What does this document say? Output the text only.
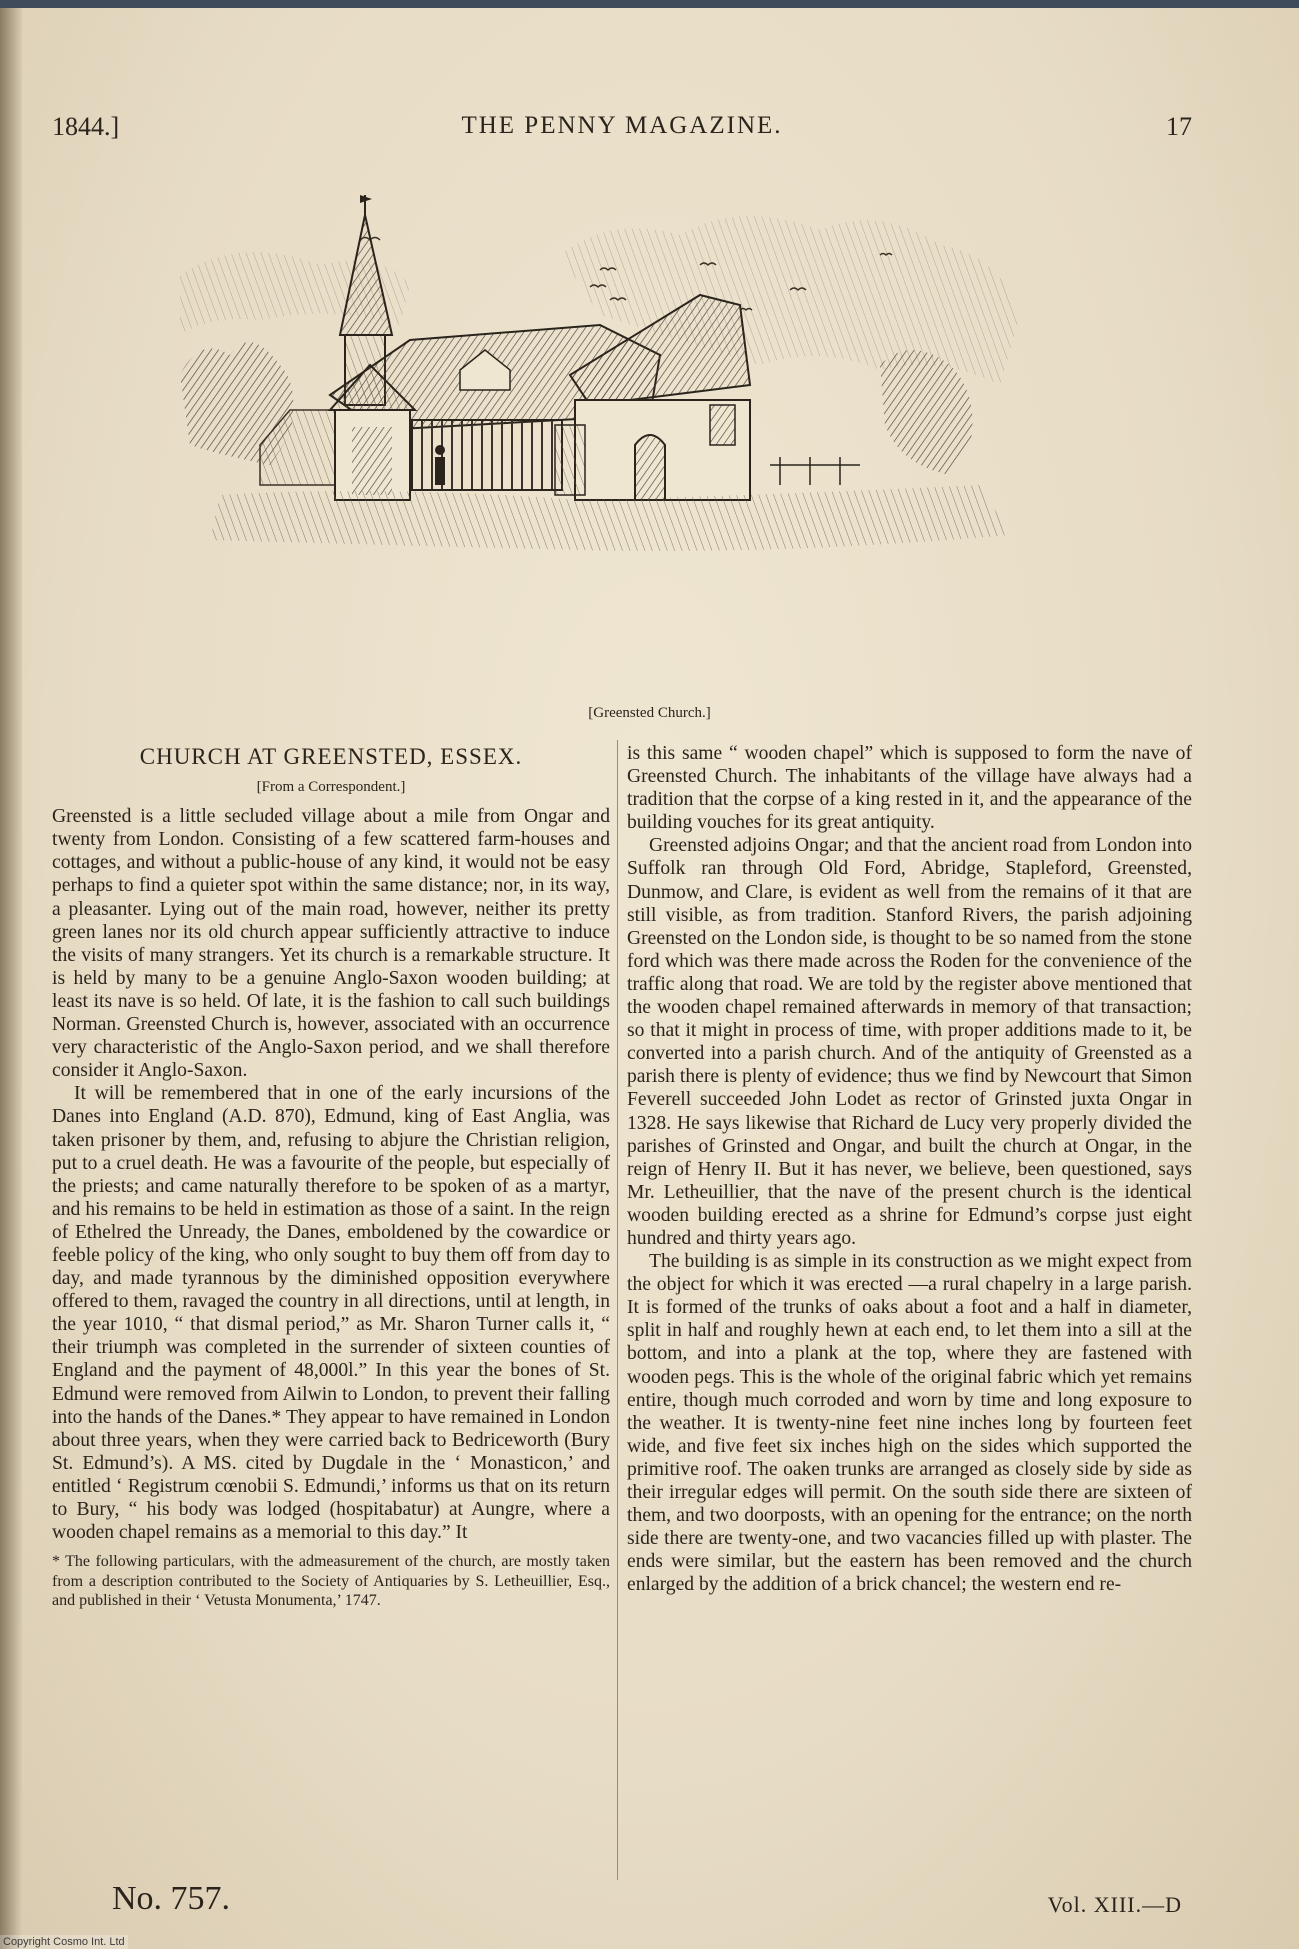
1844.]	THE PENNY MAGAZINE.	17
[Greensted Church.]
CHURCH AT GREENSTED, ESSEX.
[From a Correspondent.]

Greensted is a little secluded village about a mile from Ongar and twenty from London. Consisting of a few scattered farm-houses and cottages, and without a public-house of any kind, it would not be easy perhaps to find a quieter spot within the same distance; nor, in its way, a pleasanter. Lying out of the main road, however, neither its pretty green lanes nor its old church appear sufficiently attractive to induce the visits of many strangers. Yet its church is a remarkable structure. It is held by many to be a genuine Anglo-Saxon wooden building; at least its nave is so held. Of late, it is the fashion to call such buildings Norman. Greensted Church is, however, associated with an occurrence very characteristic of the Anglo-Saxon period, and we shall therefore consider it Anglo-Saxon.

It will be remembered that in one of the early incursions of the Danes into England (A.D. 870), Edmund, king of East Anglia, was taken prisoner by them, and, refusing to abjure the Christian religion, put to a cruel death. He was a favourite of the people, but especially of the priests; and came naturally therefore to be spoken of as a martyr, and his remains to be held in estimation as those of a saint. In the reign of Ethelred the Unready, the Danes, emboldened by the cowardice or feeble policy of the king, who only sought to buy them off from day to day, and made tyrannous by the diminished opposition everywhere offered to them, ravaged the country in all directions, until at length, in the year 1010, “ that dismal period,” as Mr. Sharon Turner calls it, “ their triumph was completed in the surrender of sixteen counties of England and the payment of 48,000l.” In this year the bones of St. Edmund were removed from Ailwin to London, to prevent their falling into the hands of the Danes.* They appear to have remained in London about three years, when they were carried back to Bedriceworth (Bury St. Edmund’s). A MS. cited by Dugdale in the ‘ Monasticon,’ and entitled ‘ Registrum cœnobii S. Edmundi,’ informs us that on its return to Bury, “ his body was lodged (hospitabatur) at Aungre, where a wooden chapel remains as a memorial to this day.” It

* The following particulars, with the admeasurement of the church, are mostly taken from a description contributed to the Society of Antiquaries by S. Letheuillier, Esq., and published in their ‘ Vetusta Monumenta,’ 1747.

is this same “ wooden chapel” which is supposed to form the nave of Greensted Church. The inhabitants of the village have always had a tradition that the corpse of a king rested in it, and the appearance of the building vouches for its great antiquity.

Greensted adjoins Ongar; and that the ancient road from London into Suffolk ran through Old Ford, Abridge, Stapleford, Greensted, Dunmow, and Clare, is evident as well from the remains of it that are still visible, as from tradition. Stanford Rivers, the parish adjoining Greensted on the London side, is thought to be so named from the stone ford which was there made across the Roden for the convenience of the traffic along that road. We are told by the register above mentioned that the wooden chapel remained afterwards in memory of that transaction; so that it might in process of time, with proper additions made to it, be converted into a parish church. And of the antiquity of Greensted as a parish there is plenty of evidence; thus we find by Newcourt that Simon Feverell succeeded John Lodet as rector of Grinsted juxta Ongar in 1328. He says likewise that Richard de Lucy very properly divided the parishes of Grinsted and Ongar, and built the church at Ongar, in the reign of Henry II. But it has never, we believe, been questioned, says Mr. Letheuillier, that the nave of the present church is the identical wooden building erected as a shrine for Edmund’s corpse just eight hundred and thirty years ago.

The building is as simple in its construction as we might expect from the object for which it was erected —a rural chapelry in a large parish. It is formed of the trunks of oaks about a foot and a half in diameter, split in half and roughly hewn at each end, to let them into a sill at the bottom, and into a plank at the top, where they are fastened with wooden pegs. This is the whole of the original fabric which yet remains entire, though much corroded and worn by time and long exposure to the weather. It is twenty-nine feet nine inches long by fourteen feet wide, and five feet six inches high on the sides which supported the primitive roof. The oaken trunks are arranged as closely side by side as their irregular edges will permit. On the south side there are sixteen of them, and two doorposts, with an opening for the entrance; on the north side there are twenty-one, and two vacancies filled up with plaster. The ends were similar, but the eastern has been removed and the church enlarged by the addition of a brick chancel; the western end re-

No. 757.	Vol. XIII.—D
Copyright Cosmo Int. Ltd
